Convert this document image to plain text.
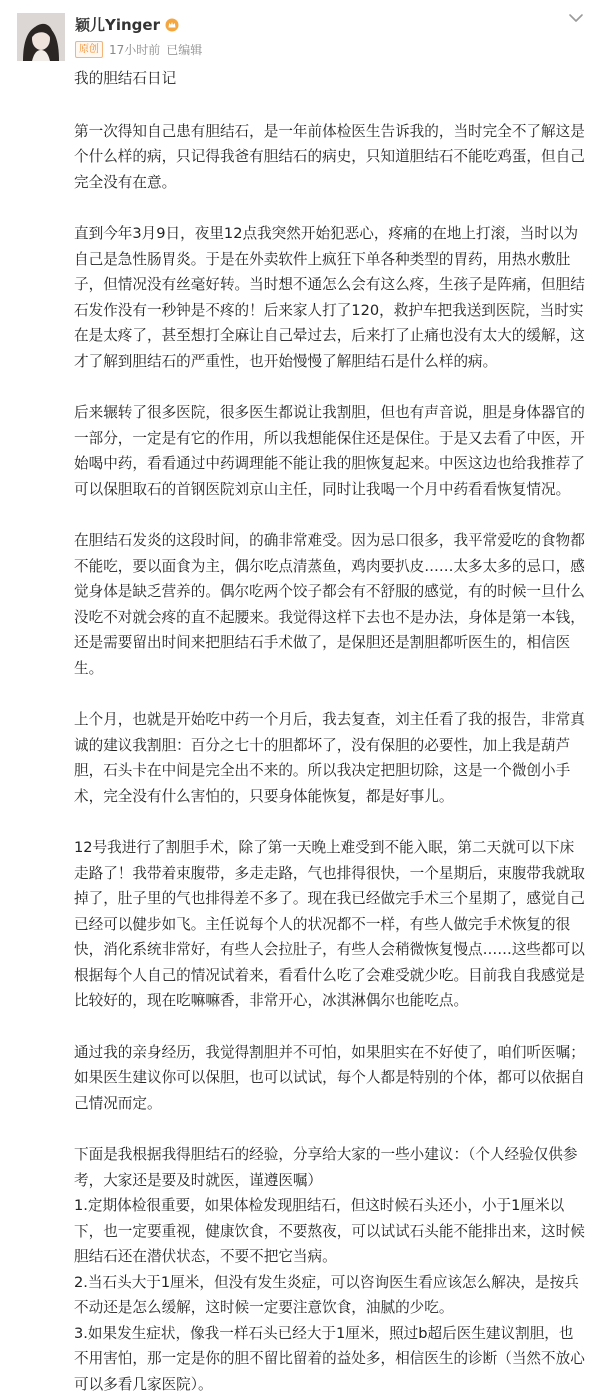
颖儿Yinger
原创 17小时前 已编辑

我的胆结石日记

第一次得知自己患有胆结石，是一年前体检医生告诉我的，当时完全不了解这是个什么样的病，只记得我爸有胆结石的病史，只知道胆结石不能吃鸡蛋，但自己完全没有在意。

直到今年3月9日，夜里12点我突然开始犯恶心，疼痛的在地上打滚，当时以为自己是急性肠胃炎。于是在外卖软件上疯狂下单各种类型的胃药，用热水敷肚子，但情况没有丝毫好转。当时想不通怎么会有这么疼，生孩子是阵痛，但胆结石发作没有一秒钟是不疼的！后来家人打了120，救护车把我送到医院，当时实在是太疼了，甚至想打全麻让自己晕过去，后来打了止痛也没有太大的缓解，这才了解到胆结石的严重性，也开始慢慢了解胆结石是什么样的病。

后来辗转了很多医院，很多医生都说让我割胆，但也有声音说，胆是身体器官的一部分，一定是有它的作用，所以我想能保住还是保住。于是又去看了中医，开始喝中药，看看通过中药调理能不能让我的胆恢复起来。中医这边也给我推荐了可以保胆取石的首钢医院刘京山主任，同时让我喝一个月中药看看恢复情况。

在胆结石发炎的这段时间，的确非常难受。因为忌口很多，我平常爱吃的食物都不能吃，要以面食为主，偶尔吃点清蒸鱼，鸡肉要扒皮……太多太多的忌口，感觉身体是缺乏营养的。偶尔吃两个饺子都会有不舒服的感觉，有的时候一旦什么没吃不对就会疼的直不起腰来。我觉得这样下去也不是办法，身体是第一本钱，还是需要留出时间来把胆结石手术做了，是保胆还是割胆都听医生的，相信医生。

上个月，也就是开始吃中药一个月后，我去复查，刘主任看了我的报告，非常真诚的建议我割胆：百分之七十的胆都坏了，没有保胆的必要性，加上我是葫芦胆，石头卡在中间是完全出不来的。所以我决定把胆切除，这是一个微创小手术，完全没有什么害怕的，只要身体能恢复，都是好事儿。

12号我进行了割胆手术，除了第一天晚上难受到不能入眠，第二天就可以下床走路了！我带着束腹带，多走走路，气也排得很快，一个星期后，束腹带我就取掉了，肚子里的气也排得差不多了。现在我已经做完手术三个星期了，感觉自己已经可以健步如飞。主任说每个人的状况都不一样，有些人做完手术恢复的很快，消化系统非常好，有些人会拉肚子，有些人会稍微恢复慢点……这些都可以根据每个人自己的情况试着来，看看什么吃了会难受就少吃。目前我自我感觉是比较好的，现在吃嘛嘛香，非常开心，冰淇淋偶尔也能吃点。

通过我的亲身经历，我觉得割胆并不可怕，如果胆实在不好使了，咱们听医嘱；如果医生建议你可以保胆，也可以试试，每个人都是特别的个体，都可以依据自己情况而定。

下面是我根据我得胆结石的经验，分享给大家的一些小建议：（个人经验仅供参考，大家还是要及时就医，谨遵医嘱）

1.定期体检很重要，如果体检发现胆结石，但这时候石头还小，小于1厘米以下，也一定要重视，健康饮食，不要熬夜，可以试试石头能不能排出来，这时候胆结石还在潜伏状态，不要不把它当病。

2.当石头大于1厘米，但没有发生炎症，可以咨询医生看应该怎么解决，是按兵不动还是怎么缓解，这时候一定要注意饮食，油腻的少吃。

3.如果发生症状，像我一样石头已经大于1厘米，照过b超后医生建议割胆，也不用害怕，那一定是你的胆不留比留着的益处多，相信医生的诊断（当然不放心可以多看几家医院）。
